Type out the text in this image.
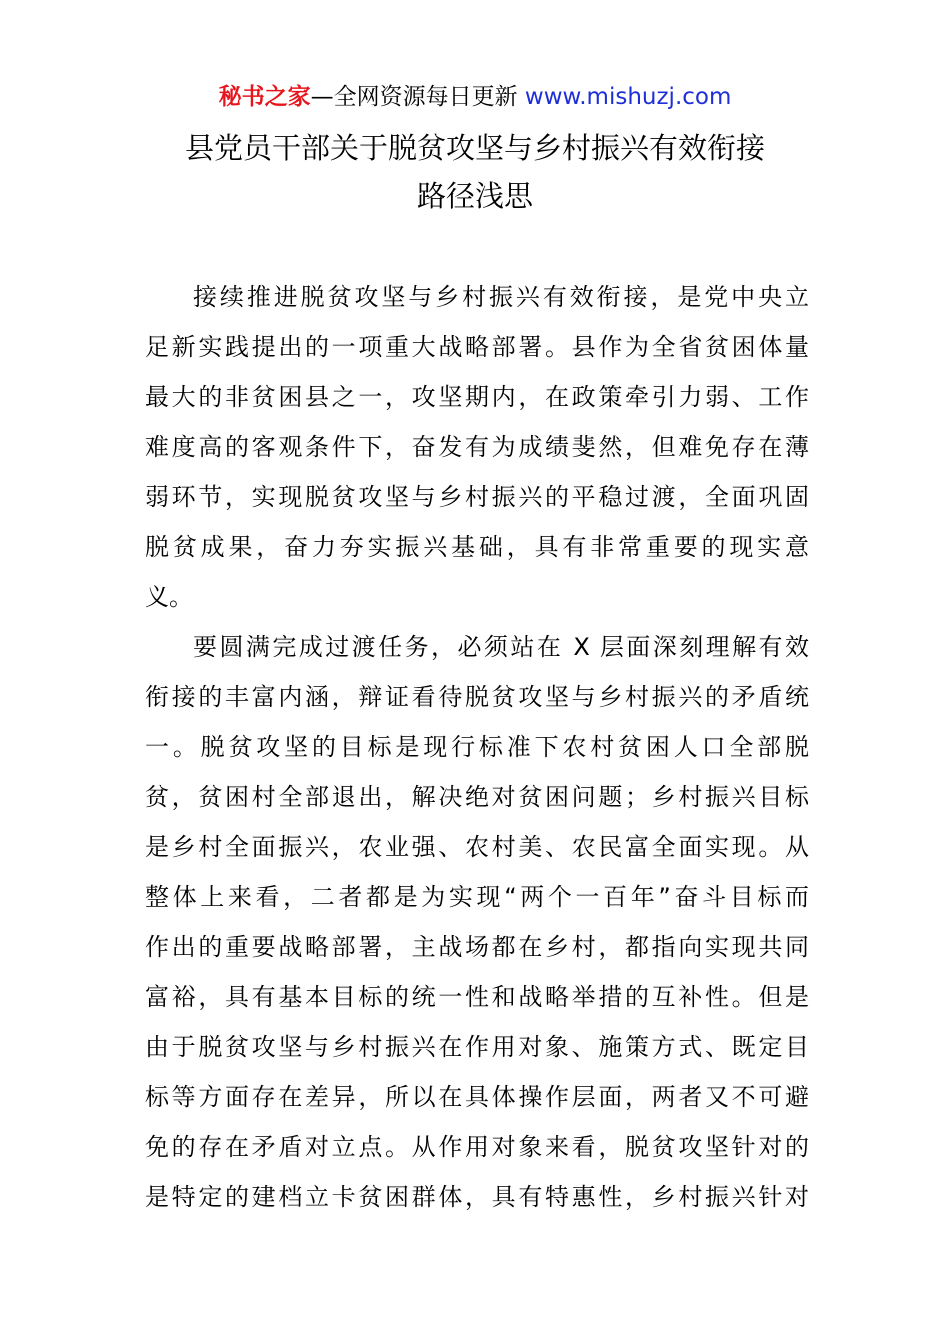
秘书之家—全网资源每日更新 www.mishuzj.com
县党员干部关于脱贫攻坚与乡村振兴有效衔接
路径浅思

接续推进脱贫攻坚与乡村振兴有效衔接，是党中央立
足新实践提出的一项重大战略部署。县作为全省贫困体量
最大的非贫困县之一，攻坚期内，在政策牵引力弱、工作
难度高的客观条件下，奋发有为成绩斐然，但难免存在薄
弱环节，实现脱贫攻坚与乡村振兴的平稳过渡，全面巩固
脱贫成果，奋力夯实振兴基础，具有非常重要的现实意
义。

要圆满完成过渡任务，必须站在 X 层面深刻理解有效
衔接的丰富内涵，辩证看待脱贫攻坚与乡村振兴的矛盾统
一。脱贫攻坚的目标是现行标准下农村贫困人口全部脱
贫，贫困村全部退出，解决绝对贫困问题；乡村振兴目标
是乡村全面振兴，农业强、农村美、农民富全面实现。从
整体上来看，二者都是为实现“两个一百年”奋斗目标而
作出的重要战略部署，主战场都在乡村，都指向实现共同
富裕，具有基本目标的统一性和战略举措的互补性。但是
由于脱贫攻坚与乡村振兴在作用对象、施策方式、既定目
标等方面存在差异，所以在具体操作层面，两者又不可避
免的存在矛盾对立点。从作用对象来看，脱贫攻坚针对的
是特定的建档立卡贫困群体，具有特惠性，乡村振兴针对
